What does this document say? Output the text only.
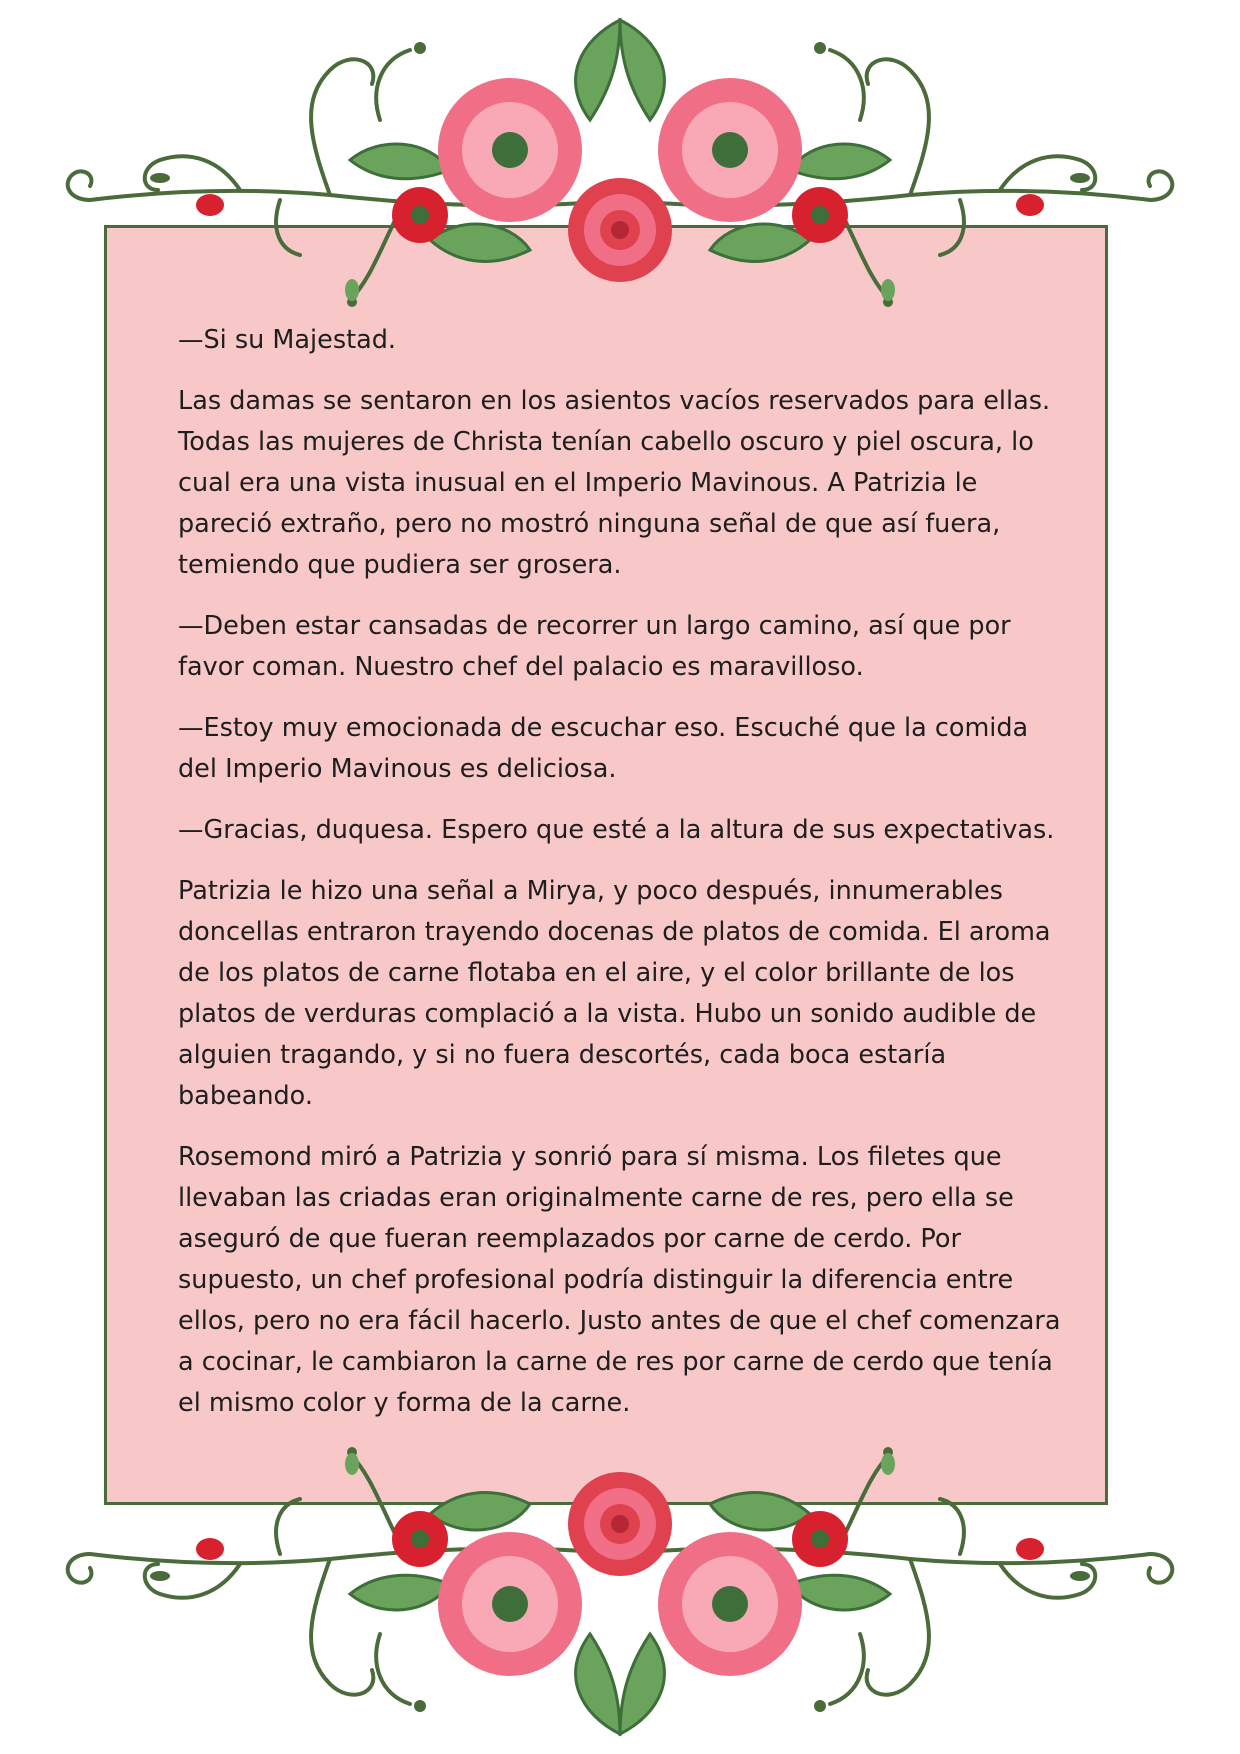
—Si su Majestad.

Las damas se sentaron en los asientos vacíos reservados para ellas. Todas las mujeres de Christa tenían cabello oscuro y piel oscura, lo cual era una vista inusual en el Imperio Mavinous. A Patrizia le pareció extraño, pero no mostró ninguna señal de que así fuera, temiendo que pudiera ser grosera.

—Deben estar cansadas de recorrer un largo camino, así que por favor coman. Nuestro chef del palacio es maravilloso.

—Estoy muy emocionada de escuchar eso. Escuché que la comida del Imperio Mavinous es deliciosa.

—Gracias, duquesa. Espero que esté a la altura de sus expectativas.

Patrizia le hizo una señal a Mirya, y poco después, innumerables doncellas entraron trayendo docenas de platos de comida. El aroma de los platos de carne flotaba en el aire, y el color brillante de los platos de verduras complació a la vista. Hubo un sonido audible de alguien tragando, y si no fuera descortés, cada boca estaría babeando.

Rosemond miró a Patrizia y sonrió para sí misma. Los filetes que llevaban las criadas eran originalmente carne de res, pero ella se aseguró de que fueran reemplazados por carne de cerdo. Por supuesto, un chef profesional podría distinguir la diferencia entre ellos, pero no era fácil hacerlo. Justo antes de que el chef comenzara a cocinar, le cambiaron la carne de res por carne de cerdo que tenía el mismo color y forma de la carne.
